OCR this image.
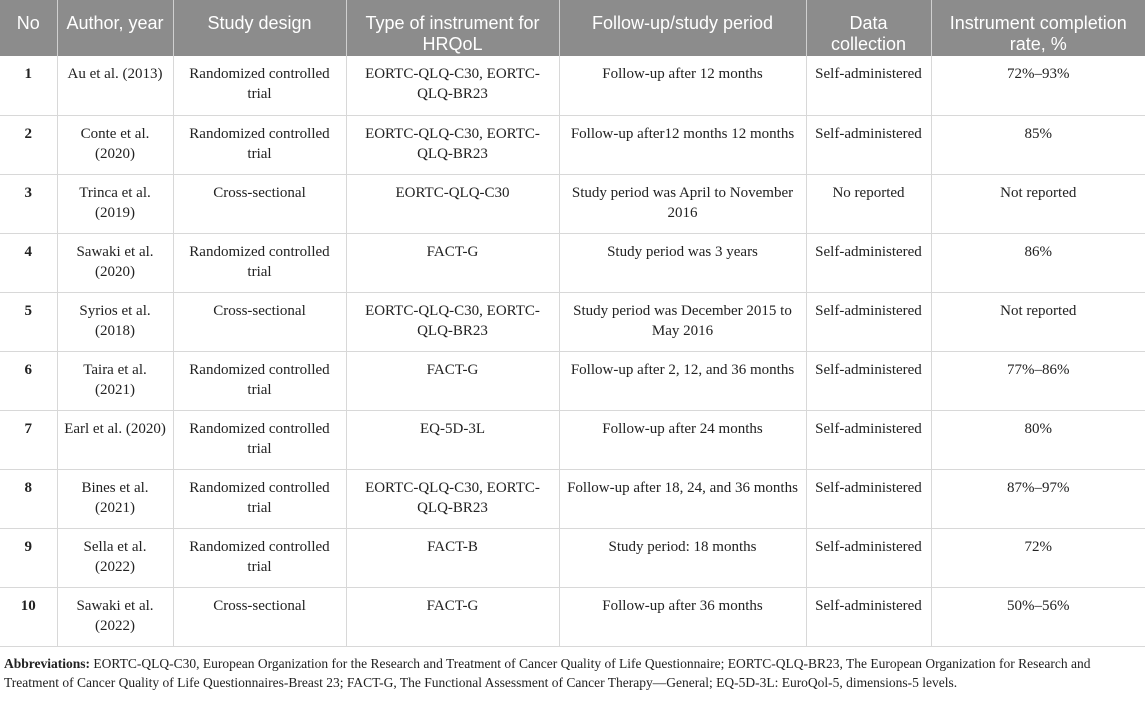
No	Author, year	Study design	Type of instrument for HRQoL	Follow-up/study period	Data collection	Instrument completion rate, %
1	Au et al. (2013)	Randomized controlled trial	EORTC-QLQ-C30, EORTC-QLQ-BR23	Follow-up after 12 months	Self-administered	72%–93%
2	Conte et al. (2020)	Randomized controlled trial	EORTC-QLQ-C30, EORTC-QLQ-BR23	Follow-up after12 months 12 months	Self-administered	85%
3	Trinca et al. (2019)	Cross-sectional	EORTC-QLQ-C30	Study period was April to November 2016	No reported	Not reported
4	Sawaki et al. (2020)	Randomized controlled trial	FACT-G	Study period was 3 years	Self-administered	86%
5	Syrios et al. (2018)	Cross-sectional	EORTC-QLQ-C30, EORTC-QLQ-BR23	Study period was December 2015 to May 2016	Self-administered	Not reported
6	Taira et al. (2021)	Randomized controlled trial	FACT-G	Follow-up after 2, 12, and 36 months	Self-administered	77%–86%
7	Earl et al. (2020)	Randomized controlled trial	EQ-5D-3L	Follow-up after 24 months	Self-administered	80%
8	Bines et al. (2021)	Randomized controlled trial	EORTC-QLQ-C30, EORTC-QLQ-BR23	Follow-up after 18, 24, and 36 months	Self-administered	87%–97%
9	Sella et al. (2022)	Randomized controlled trial	FACT-B	Study period: 18 months	Self-administered	72%
10	Sawaki et al. (2022)	Cross-sectional	FACT-G	Follow-up after 36 months	Self-administered	50%–56%
Abbreviations: EORTC-QLQ-C30, European Organization for the Research and Treatment of Cancer Quality of Life Questionnaire; EORTC-QLQ-BR23, The European Organization for Research and Treatment of Cancer Quality of Life Questionnaires-Breast 23; FACT-G, The Functional Assessment of Cancer Therapy—General; EQ-5D-3L: EuroQol-5, dimensions-5 levels.
